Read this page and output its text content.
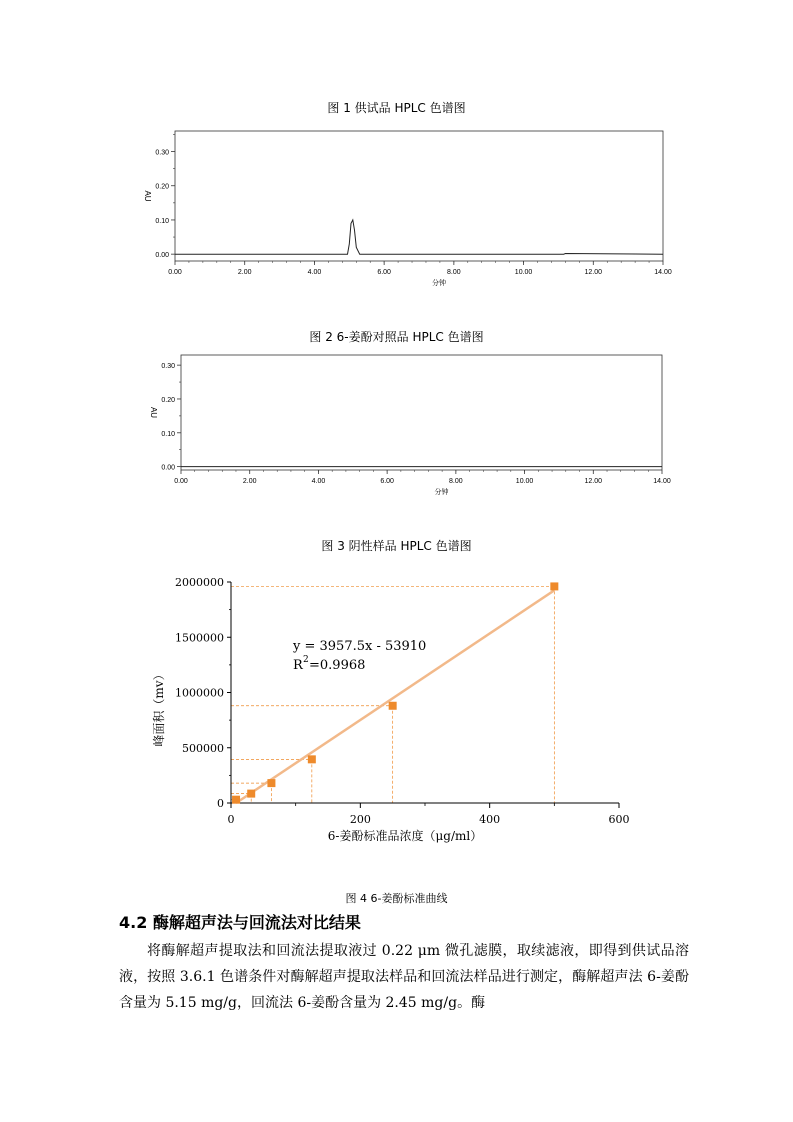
图 1 供试品 HPLC 色谱图
0.00
0.10
0.20
0.30
0.00	2.00	4.00	6.00	8.00	10.00	12.00	14.00
分钟
AU
图 2 6-姜酚对照品 HPLC 色谱图
0.00
0.10
0.20
0.30
0.00	2.00	4.00	6.00	8.00	10.00	12.00	14.00
分钟
AU
图 3 阴性样品 HPLC 色谱图
0
500000
1000000
1500000
2000000
0	200	400	600
6-姜酚标准品浓度（μg/ml）
峰面积（mv）
y = 3957.5x - 53910
R 2 =0.9968
图 4 6-姜酚标准曲线
4.2 酶解超声法与回流法对比结果
将酶解超声提取法和回流法提取液过 0.22 μm 微孔滤膜，取续滤液，即得到供试品溶液，按照 3.6.1 色谱条件对酶解超声提取法样品和回流法样品进行测定，酶解超声法 6-姜酚含量为 5.15 mg/g，回流法 6-姜酚含量为 2.45 mg/g。酶
